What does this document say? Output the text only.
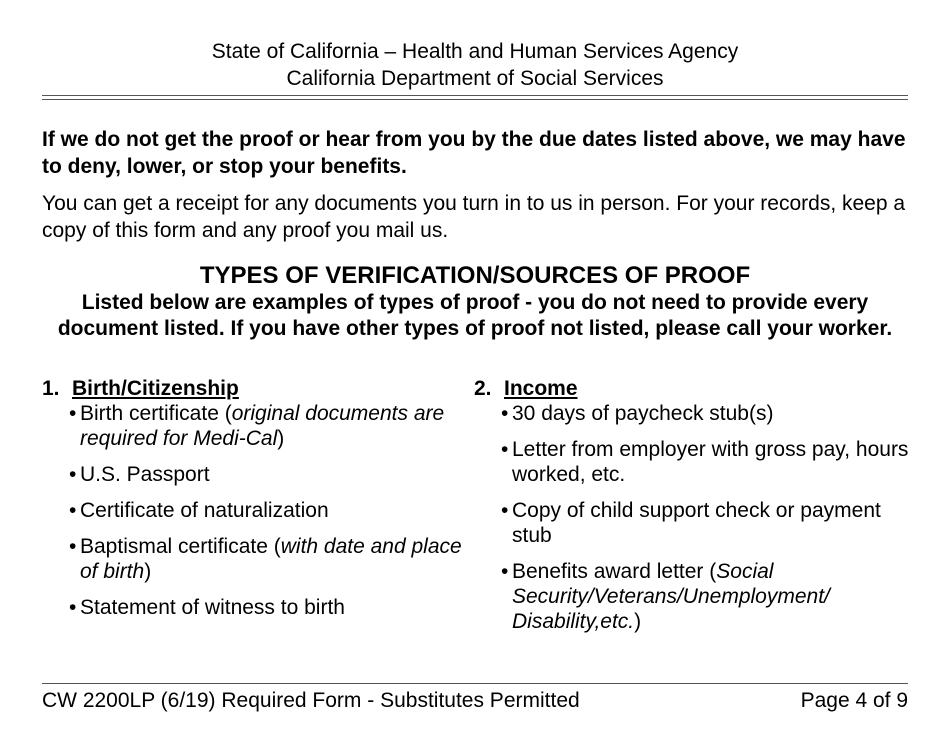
State of California – Health and Human Services Agency
California Department of Social Services
If we do not get the proof or hear from you by the due dates listed above, we may have to deny, lower, or stop your benefits.
You can get a receipt for any documents you turn in to us in person. For your records, keep a copy of this form and any proof you mail us.
TYPES OF VERIFICATION/SOURCES OF PROOF
Listed below are examples of types of proof - you do not need to provide every document listed. If you have other types of proof not listed, please call your worker.
1. Birth/Citizenship
• Birth certificate (original documents are required for Medi-Cal)
• U.S. Passport
• Certificate of naturalization
• Baptismal certificate (with date and place of birth)
• Statement of witness to birth
2. Income
• 30 days of paycheck stub(s)
• Letter from employer with gross pay, hours worked, etc.
• Copy of child support check or payment stub
• Benefits award letter (Social Security/Veterans/Unemployment/ Disability,etc.)
CW 2200LP (6/19) Required Form - Substitutes Permitted	Page 4 of 9
